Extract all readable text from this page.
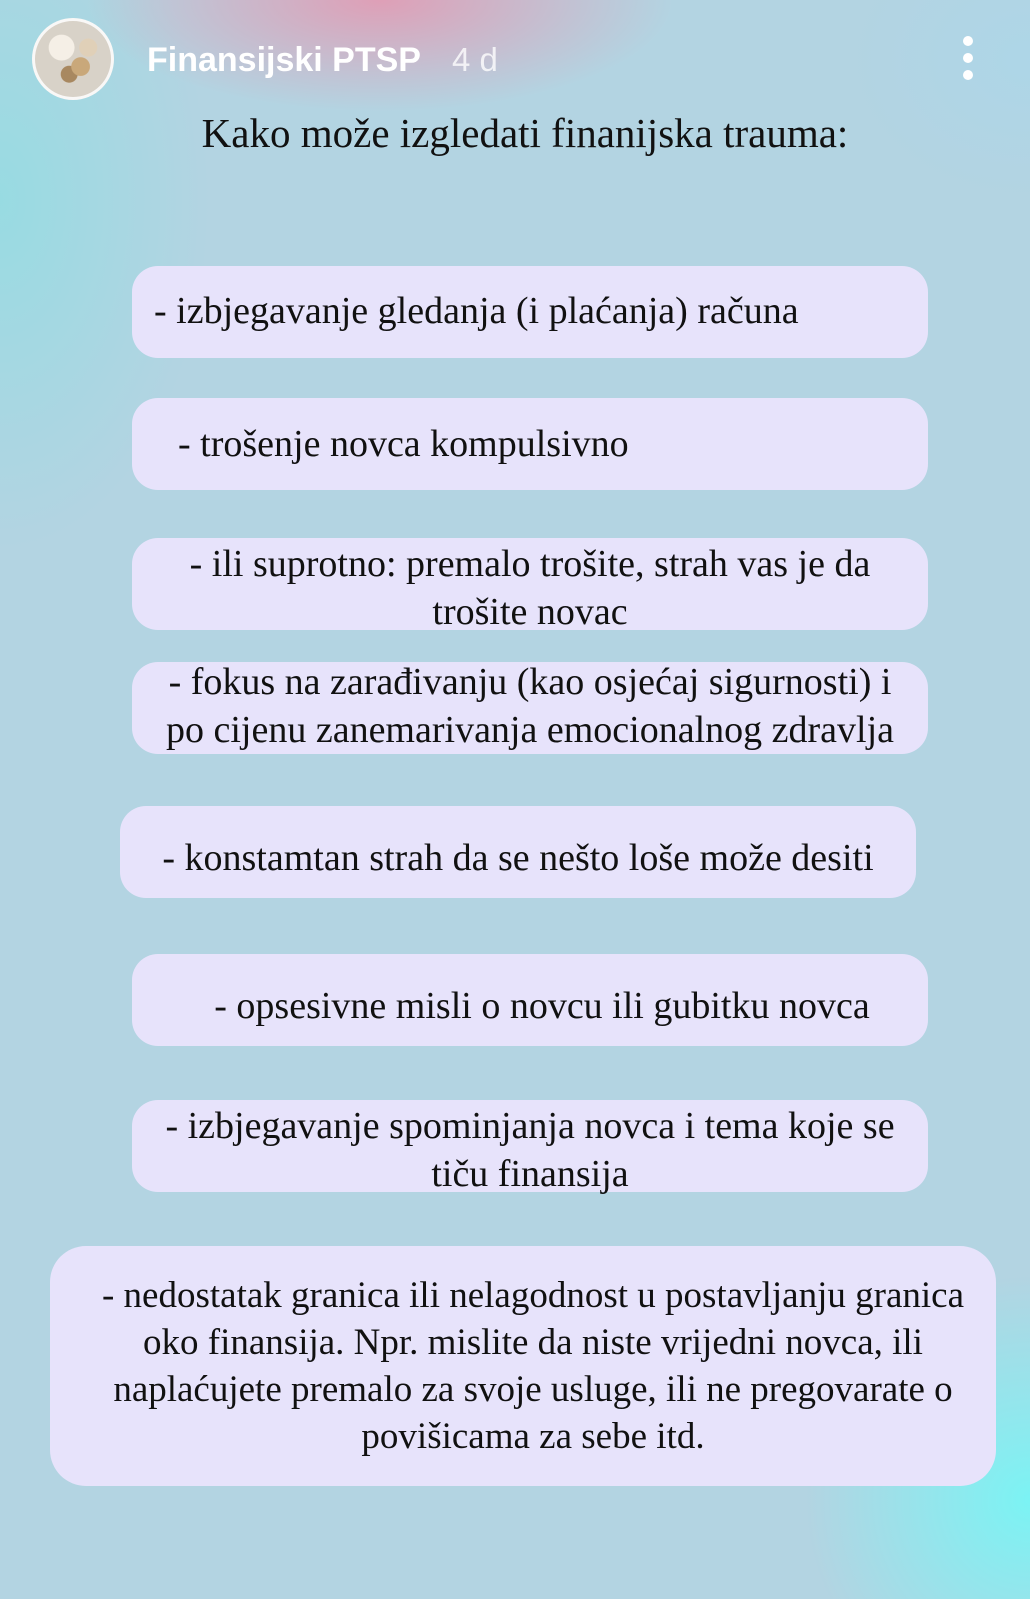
Finansijski PTSP 4 d
Kako može izgledati finanijska trauma:
- izbjegavanje gledanja (i plaćanja) računa
- trošenje novca kompulsivno
- ili suprotno: premalo trošite, strah vas je da
trošite novac
- fokus na zarađivanju (kao osjećaj sigurnosti) i
po cijenu zanemarivanja emocionalnog zdravlja
- konstamtan strah da se nešto loše može desiti
- opsesivne misli o novcu ili gubitku novca
- izbjegavanje spominjanja novca i tema koje se
tiču finansija
- nedostatak granica ili nelagodnost u postavljanju granica
oko finansija. Npr. mislite da niste vrijedni novca, ili
naplaćujete premalo za svoje usluge, ili ne pregovarate o
povišicama za sebe itd.
